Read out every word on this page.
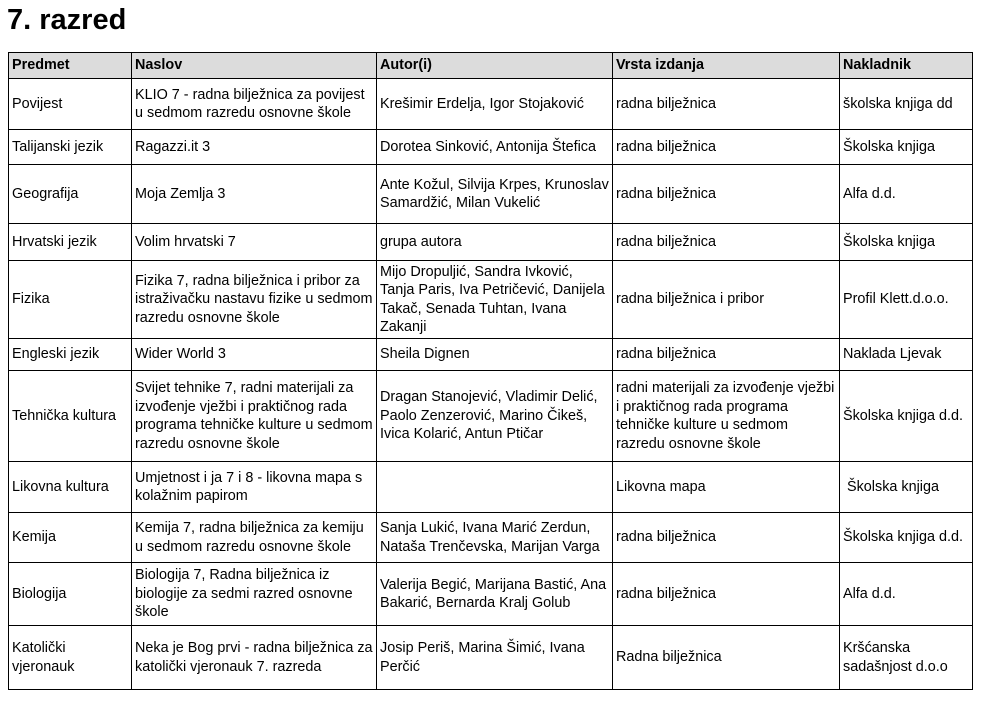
7. razred
Predmet	Naslov	Autor(i)	Vrsta izdanja	Nakladnik
Povijest	KLIO 7 - radna bilježnica za povijest u sedmom razredu osnovne škole	Krešimir Erdelja, Igor Stojaković	radna bilježnica	školska knjiga dd
Talijanski jezik	Ragazzi.it 3	Dorotea Sinković, Antonija Štefica	radna bilježnica	Školska knjiga
Geografija	Moja Zemlja 3	Ante Kožul, Silvija Krpes, Krunoslav Samardžić, Milan Vukelić	radna bilježnica	Alfa d.d.
Hrvatski jezik	Volim hrvatski 7	grupa autora	radna bilježnica	Školska knjiga
Fizika	Fizika 7, radna bilježnica i pribor za istraživačku nastavu fizike u sedmom razredu osnovne škole	Mijo Dropuljić, Sandra Ivković, Tanja Paris, Iva Petričević, Danijela Takač, Senada Tuhtan, Ivana Zakanji	radna bilježnica i pribor	Profil Klett.d.o.o.
Engleski jezik	Wider World 3	Sheila Dignen	radna bilježnica	Naklada Ljevak
Tehnička kultura	Svijet tehnike 7, radni materijali za izvođenje vježbi i praktičnog rada programa tehničke kulture u sedmom razredu osnovne škole	Dragan Stanojević, Vladimir Delić, Paolo Zenzerović, Marino Čikeš, Ivica Kolarić, Antun Ptičar	radni materijali za izvođenje vježbi i praktičnog rada programa tehničke kulture u sedmom razredu osnovne škole	Školska knjiga d.d.
Likovna kultura	Umjetnost i ja 7 i 8 - likovna mapa s kolažnim papirom		Likovna mapa	Školska knjiga
Kemija	Kemija 7, radna bilježnica za kemiju u sedmom razredu osnovne škole	Sanja Lukić, Ivana Marić Zerdun, Nataša Trenčevska, Marijan Varga	radna bilježnica	Školska knjiga d.d.
Biologija	Biologija 7, Radna bilježnica iz biologije za sedmi razred osnovne škole	Valerija Begić, Marijana Bastić, Ana Bakarić, Bernarda Kralj Golub	radna bilježnica	Alfa d.d.
Katolički vjeronauk	Neka je Bog prvi - radna bilježnica za katolički vjeronauk 7. razreda	Josip Periš, Marina Šimić, Ivana Perčić	Radna bilježnica	Kršćanska sadašnjost d.o.o
